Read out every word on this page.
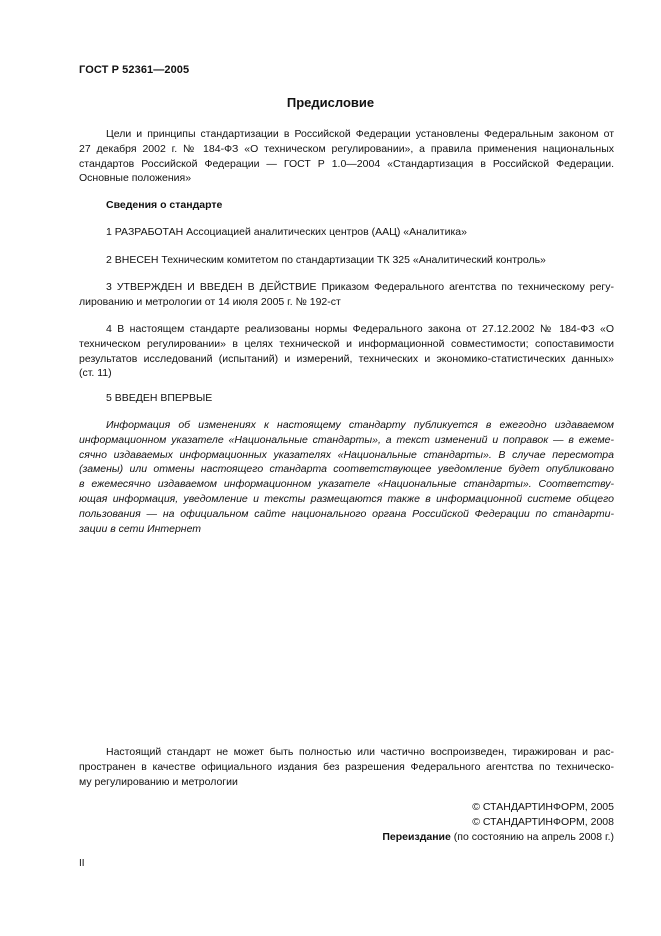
ГОСТ Р 52361—2005
Предисловие
Цели и принципы стандартизации в Российской Федерации установлены Федеральным законом от
27 декабря 2002 г. № 184-ФЗ «О техническом регулировании», а правила применения национальных
стандартов Российской Федерации — ГОСТ Р 1.0—2004 «Стандартизация в Российской Федерации.
Основные положения»
Сведения о стандарте
1 РАЗРАБОТАН Ассоциацией аналитических центров (ААЦ) «Аналитика»
2 ВНЕСЕН Техническим комитетом по стандартизации ТК 325 «Аналитический контроль»
3 УТВЕРЖДЕН И ВВЕДЕН В ДЕЙСТВИЕ Приказом Федерального агентства по техническому регу-
лированию и метрологии от 14 июля 2005 г. № 192-ст
4 В настоящем стандарте реализованы нормы Федерального закона от 27.12.2002 № 184-ФЗ «О
техническом регулировании» в целях технической и информационной совместимости; сопоставимости
результатов исследований (испытаний) и измерений, технических и экономико-статистических данных»
(ст. 11)
5 ВВЕДЕН ВПЕРВЫЕ
Информация об изменениях к настоящему стандарту публикуется в ежегодно издаваемом
информационном указателе «Национальные стандарты», а текст изменений и поправок — в ежеме-
сячно издаваемых информационных указателях «Национальные стандарты». В случае пересмотра
(замены) или отмены настоящего стандарта соответствующее уведомление будет опубликовано
в ежемесячно издаваемом информационном указателе «Национальные стандарты». Соответству-
ющая информация, уведомление и тексты размещаются также в информационной системе общего
пользования — на официальном сайте национального органа Российской Федерации по стандарти-
зации в сети Интернет
Настоящий стандарт не может быть полностью или частично воспроизведен, тиражирован и рас-
пространен в качестве официального издания без разрешения Федерального агентства по техническо-
му регулированию и метрологии
© СТАНДАРТИНФОРМ, 2005
© СТАНДАРТИНФОРМ, 2008
Переиздание (по состоянию на апрель 2008 г.)
II
